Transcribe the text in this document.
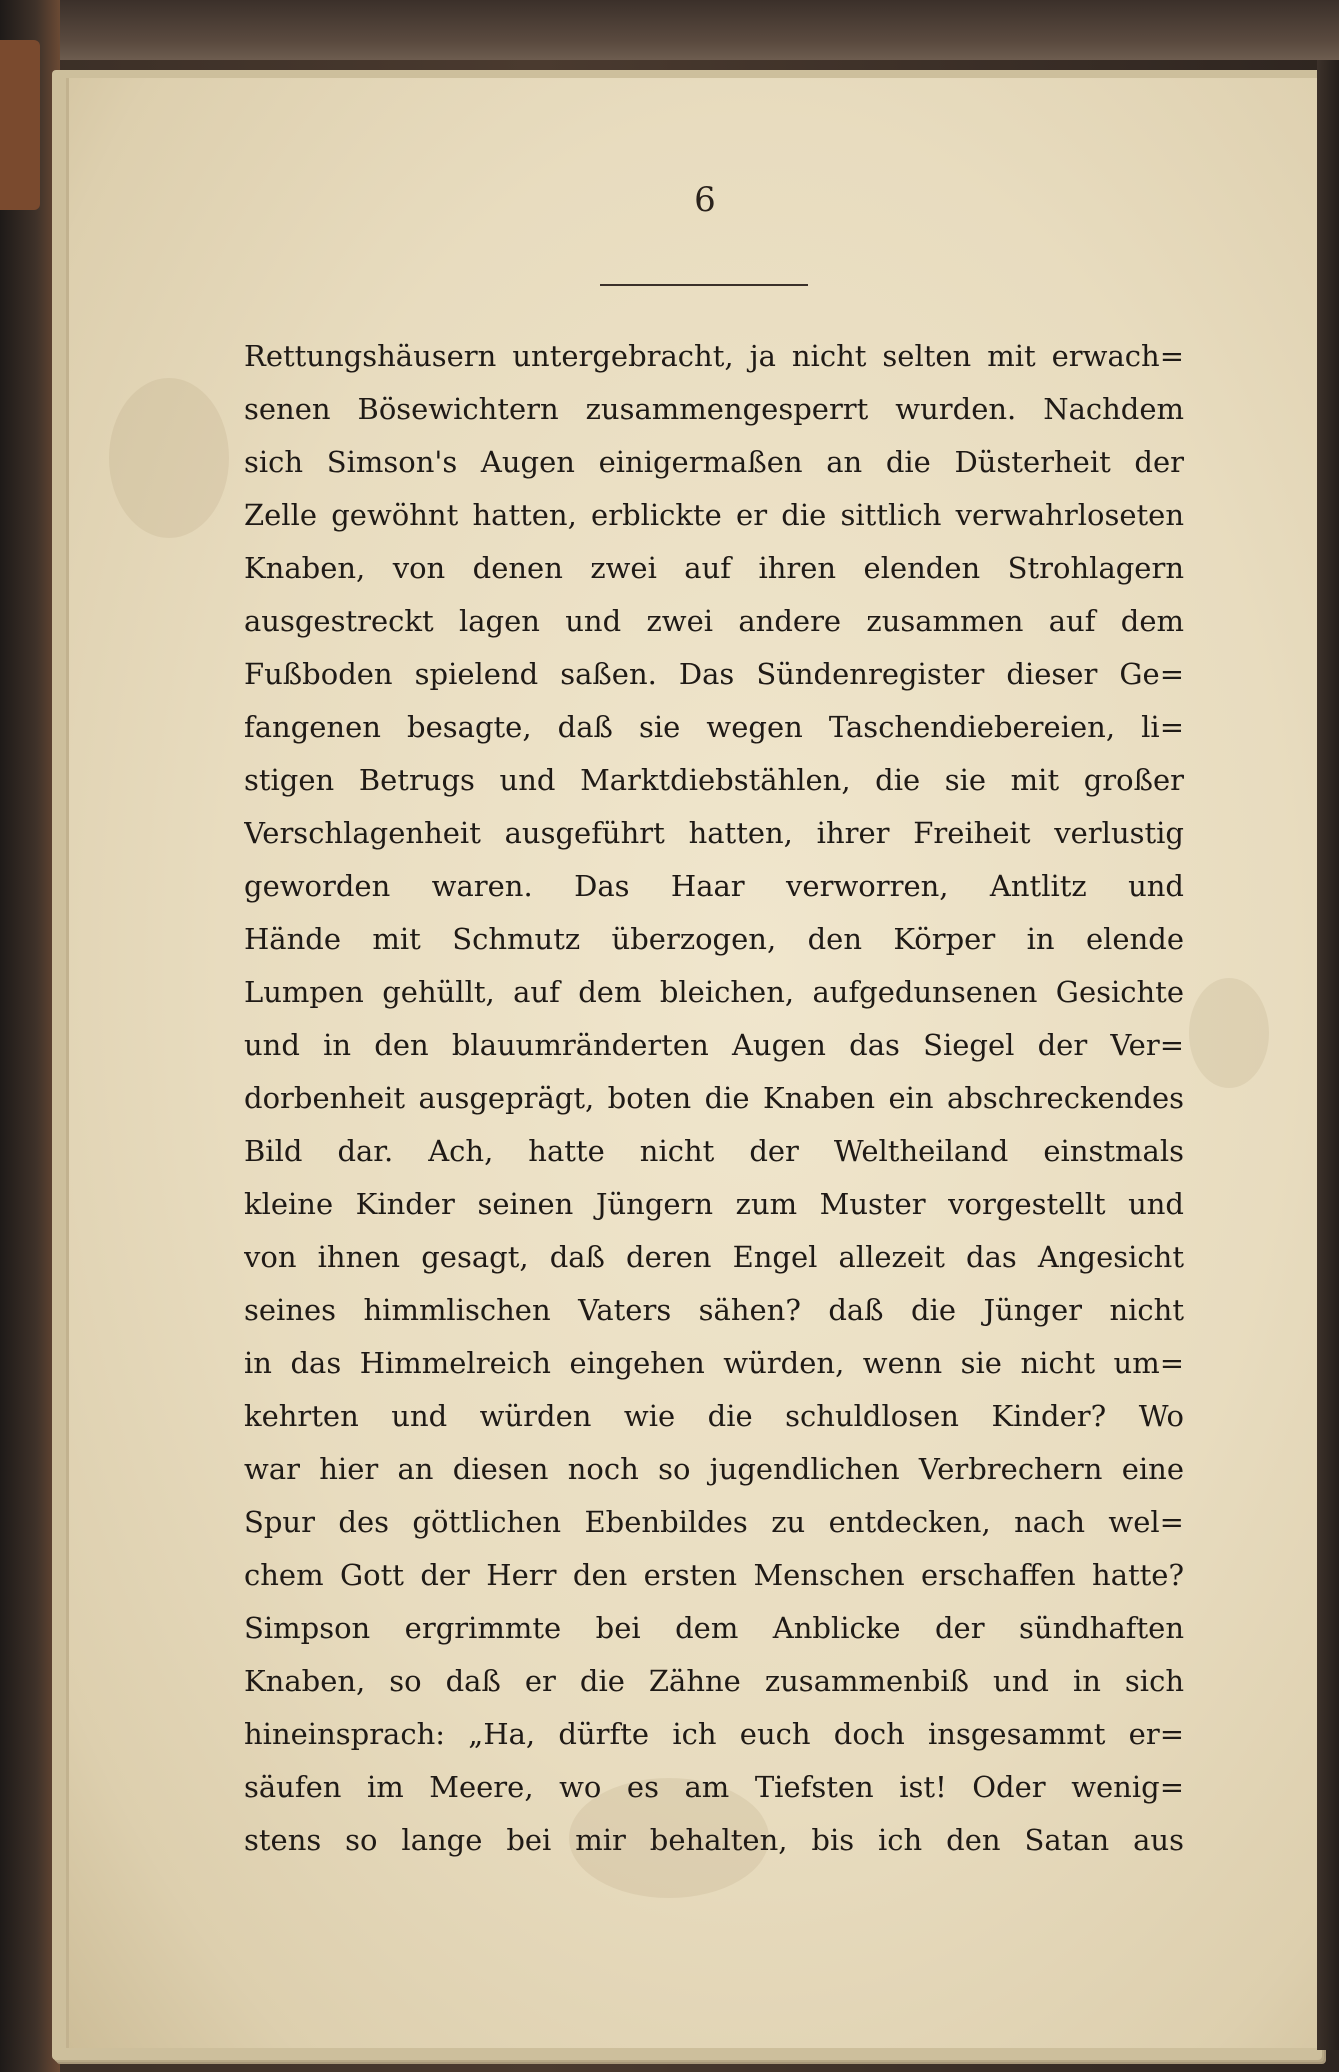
6
Rettungshäusern untergebracht, ja nicht selten mit erwach=
senen Bösewichtern zusammengesperrt wurden. Nachdem
sich Simson's Augen einigermaßen an die Düsterheit der
Zelle gewöhnt hatten, erblickte er die sittlich verwahrloseten
Knaben, von denen zwei auf ihren elenden Strohlagern
ausgestreckt lagen und zwei andere zusammen auf dem
Fußboden spielend saßen. Das Sündenregister dieser Ge=
fangenen besagte, daß sie wegen Taschendiebereien, li=
stigen Betrugs und Marktdiebstählen, die sie mit großer
Verschlagenheit ausgeführt hatten, ihrer Freiheit verlustig
geworden waren. Das Haar verworren, Antlitz und
Hände mit Schmutz überzogen, den Körper in elende
Lumpen gehüllt, auf dem bleichen, aufgedunsenen Gesichte
und in den blauumränderten Augen das Siegel der Ver=
dorbenheit ausgeprägt, boten die Knaben ein abschreckendes
Bild dar. Ach, hatte nicht der Weltheiland einstmals
kleine Kinder seinen Jüngern zum Muster vorgestellt und
von ihnen gesagt, daß deren Engel allezeit das Angesicht
seines himmlischen Vaters sähen? daß die Jünger nicht
in das Himmelreich eingehen würden, wenn sie nicht um=
kehrten und würden wie die schuldlosen Kinder? Wo
war hier an diesen noch so jugendlichen Verbrechern eine
Spur des göttlichen Ebenbildes zu entdecken, nach wel=
chem Gott der Herr den ersten Menschen erschaffen hatte?
Simpson ergrimmte bei dem Anblicke der sündhaften
Knaben, so daß er die Zähne zusammenbiß und in sich
hineinsprach: „Ha, dürfte ich euch doch insgesammt er=
säufen im Meere, wo es am Tiefsten ist! Oder wenig=
stens so lange bei mir behalten, bis ich den Satan aus
